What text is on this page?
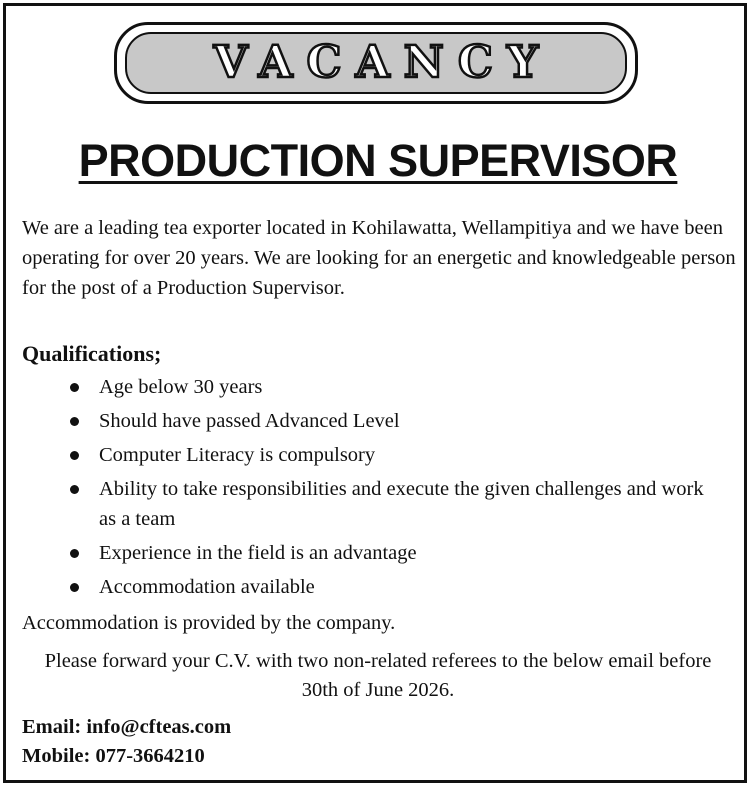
VACANCY
PRODUCTION SUPERVISOR

We are a leading tea exporter located in Kohilawatta, Wellampitiya and we have been operating for over 20 years. We are looking for an energetic and knowledgeable person for the post of a Production Supervisor.

Qualifications;
Age below 30 years
Should have passed Advanced Level
Computer Literacy is compulsory
Ability to take responsibilities and execute the given challenges and work as a team
Experience in the field is an advantage
Accommodation available
Accommodation is provided by the company.
Please forward your C.V. with two non-related referees to the below email before 30th of June 2026.
Email: info@cfteas.com
Mobile: 077-3664210
